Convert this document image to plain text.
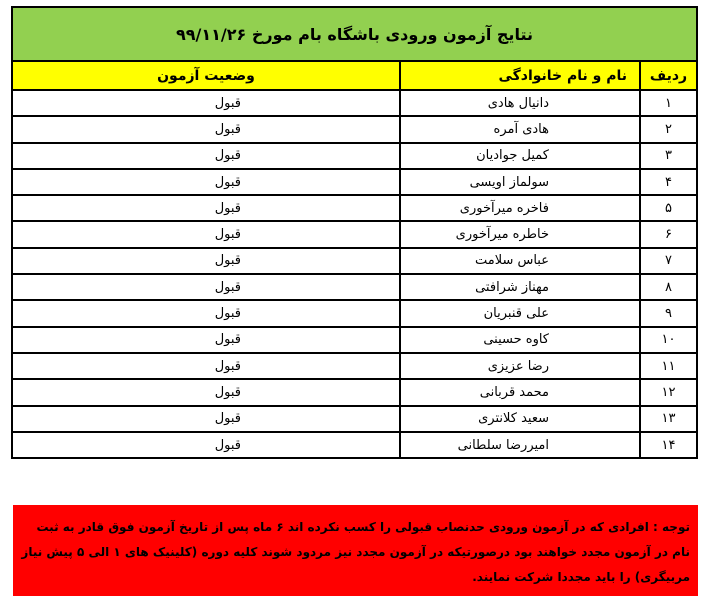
نتایج آزمون ورودی باشگاه بام مورخ ۹۹/۱۱/۲۶		
ردیف	نام و نام خانوادگی	وضعیت آزمون
۱	دانیال هادی	قبول
۲	هادی آمره	قبول
۳	کمیل جوادیان	قبول
۴	سولماز اویسی	قبول
۵	فاخره میرآخوری	قبول
۶	خاطره میرآخوری	قبول
۷	عباس سلامت	قبول
۸	مهناز شرافتی	قبول
۹	علی قنبریان	قبول
۱۰	کاوه حسینی	قبول
۱۱	رضا عزیزی	قبول
۱۲	محمد قربانی	قبول
۱۳	سعید کلانتری	قبول
۱۴	امیررضا سلطانی	قبول
توجه : افرادی که در آزمون ورودی حدنصاب قبولی را کسب نکرده اند ۶ ماه پس از تاریخ آزمون فوق قادر به ثبت نام در آزمون مجدد خواهند بود درصورتیکه در آزمون مجدد نیز مردود شوند کلیه دوره (کلینیک های ۱ الی ۵ پیش نیاز مربیگری) را باید مجددا شرکت نمایند.
